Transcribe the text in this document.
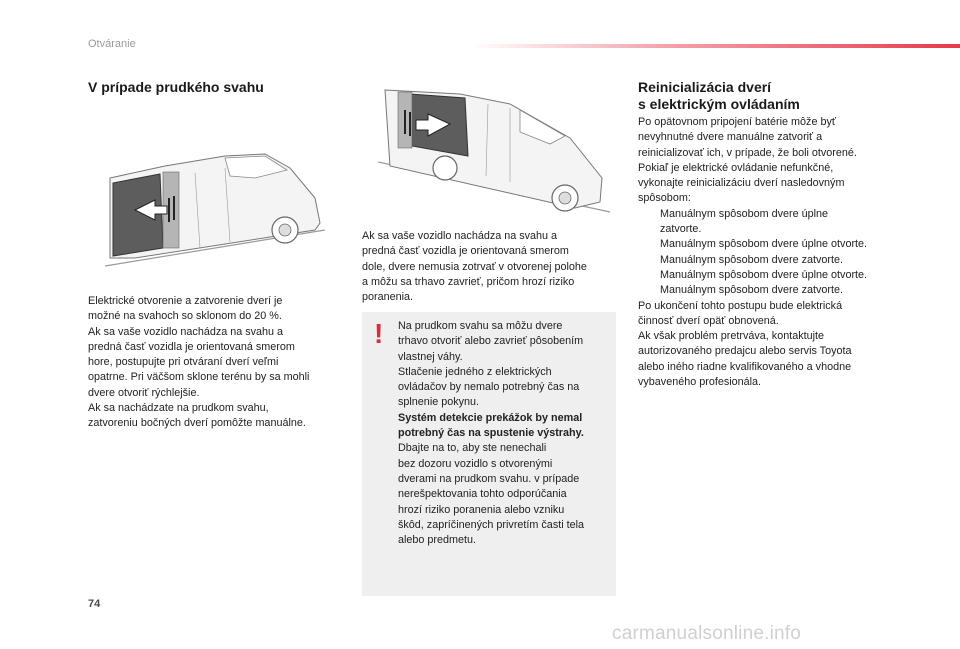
Otváranie
V prípade prudkého svahu
Elektrické otvorenie a zatvorenie dverí je
možné na svahoch so sklonom do 20 %.
Ak sa vaše vozidlo nachádza na svahu a
predná časť vozidla je orientovaná smerom
hore, postupujte pri otváraní dverí veľmi
opatrne. Pri väčšom sklone terénu by sa mohli
dvere otvoriť rýchlejšie.
Ak sa nachádzate na prudkom svahu,
zatvoreniu bočných dverí pomôžte manuálne.
Ak sa vaše vozidlo nachádza na svahu a
predná časť vozidla je orientovaná smerom
dole, dvere nemusia zotrvať v otvorenej polohe
a môžu sa trhavo zavrieť, pričom hrozí riziko
poranenia.
! Na prudkom svahu sa môžu dvere
trhavo otvoriť alebo zavrieť pôsobením
vlastnej váhy.
Stlačenie jedného z elektrických
ovládačov by nemalo potrebný čas na
splnenie pokynu.
Systém detekcie prekážok by nemal
potrebný čas na spustenie výstrahy.
Dbajte na to, aby ste nenechali
bez dozoru vozidlo s otvorenými
dverami na prudkom svahu. v prípade
nerešpektovania tohto odporúčania
hrozí riziko poranenia alebo vzniku
škôd, zapríčinených privretím časti tela
alebo predmetu.
Reinicializácia dverí
s elektrickým ovládaním
Po opätovnom pripojení batérie môže byť
nevyhnutné dvere manuálne zatvoriť a
reinicializovať ich, v prípade, že boli otvorené.
Pokiaľ je elektrické ovládanie nefunkčné,
vykonajte reinicializáciu dverí nasledovným
spôsobom:
Manuálnym spôsobom dvere úplne
zatvorte.
Manuálnym spôsobom dvere úplne otvorte.
Manuálnym spôsobom dvere zatvorte.
Manuálnym spôsobom dvere úplne otvorte.
Manuálnym spôsobom dvere zatvorte.
Po ukončení tohto postupu bude elektrická
činnosť dverí opäť obnovená.
Ak však problém pretrváva, kontaktujte
autorizovaného predajcu alebo servis Toyota
alebo iného riadne kvalifikovaného a vhodne
vybaveného profesionála.
74
carmanualsonline.info
